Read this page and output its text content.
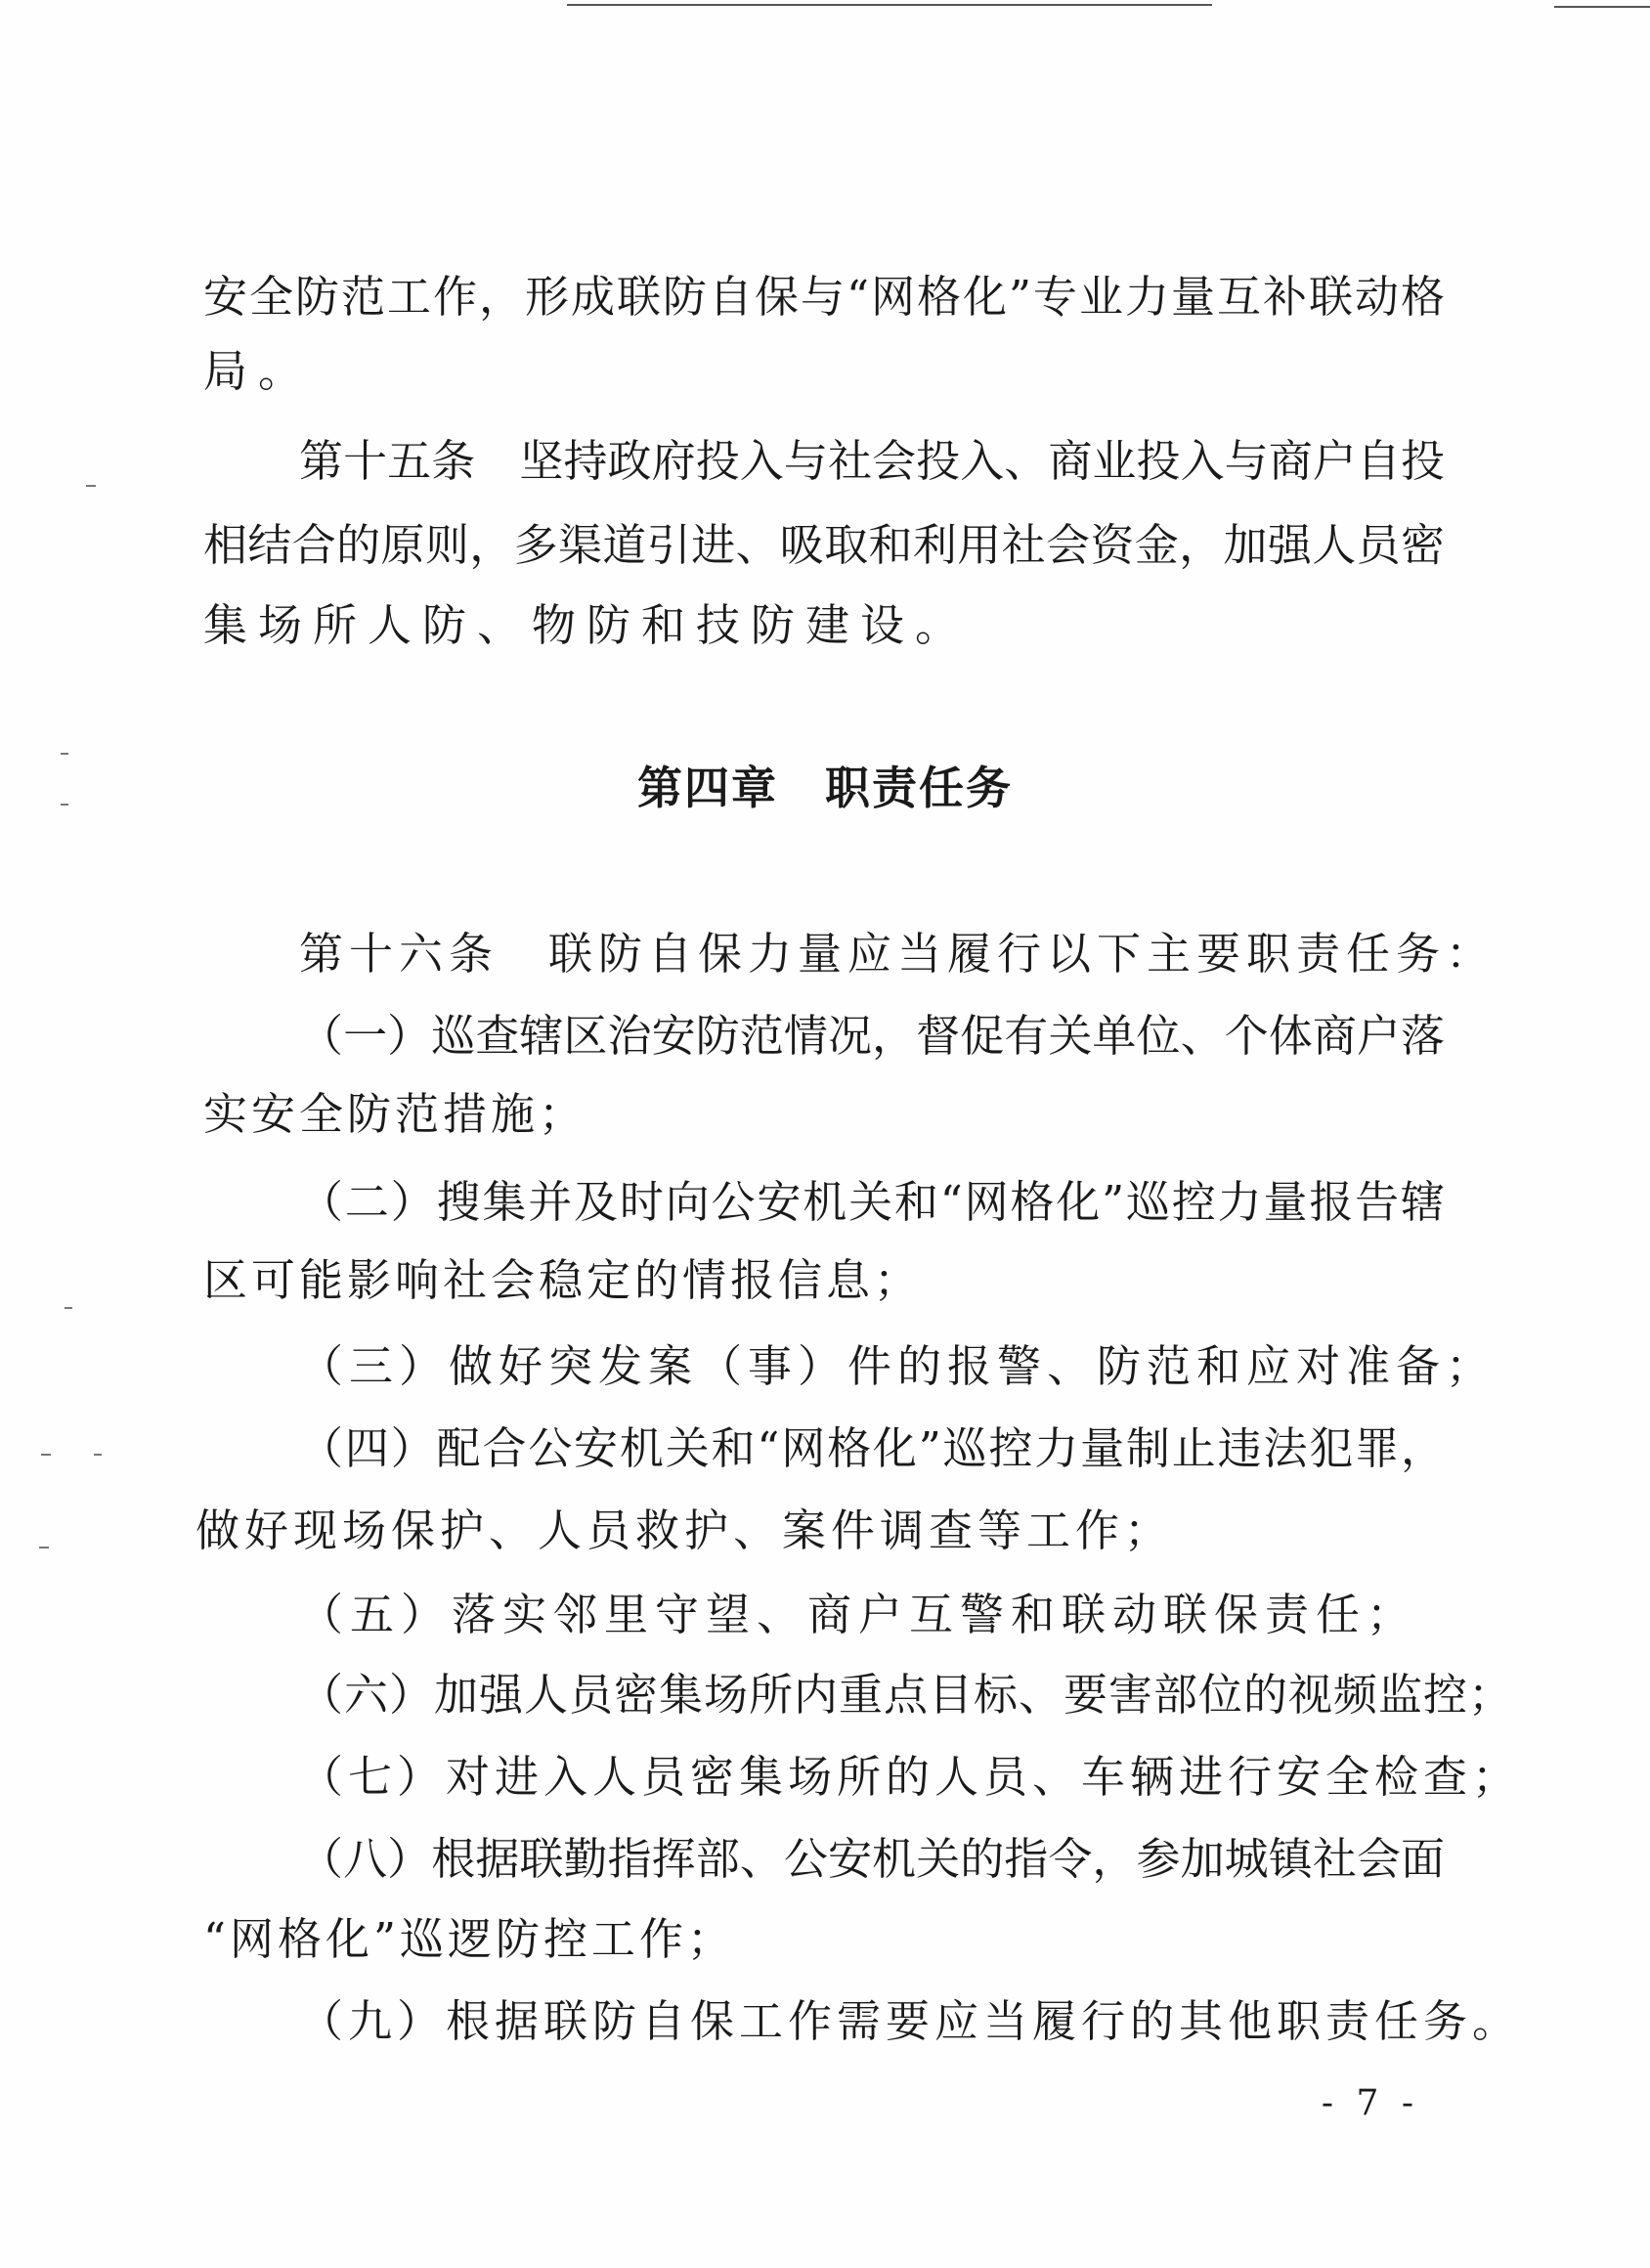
安全防范工作，形成联防自保与“网格化”专业力量互补联动格
局。
第十五条　坚持政府投入与社会投入、商业投入与商户自投
相结合的原则，多渠道引进、吸取和利用社会资金，加强人员密
集场所人防、物防和技防建设。
第四章　职责任务
第十六条　联防自保力量应当履行以下主要职责任务：
（一）巡查辖区治安防范情况，督促有关单位、个体商户落
实安全防范措施；
（二）搜集并及时向公安机关和“网格化”巡控力量报告辖
区可能影响社会稳定的情报信息；
（三）做好突发案（事）件的报警、防范和应对准备；
（四）配合公安机关和“网格化”巡控力量制止违法犯罪，
做好现场保护、人员救护、案件调查等工作；
（五）落实邻里守望、商户互警和联动联保责任；
（六）加强人员密集场所内重点目标、要害部位的视频监控；
（七）对进入人员密集场所的人员、车辆进行安全检查；
（八）根据联勤指挥部、公安机关的指令，参加城镇社会面
“网格化”巡逻防控工作；
（九）根据联防自保工作需要应当履行的其他职责任务。
- 7 -
